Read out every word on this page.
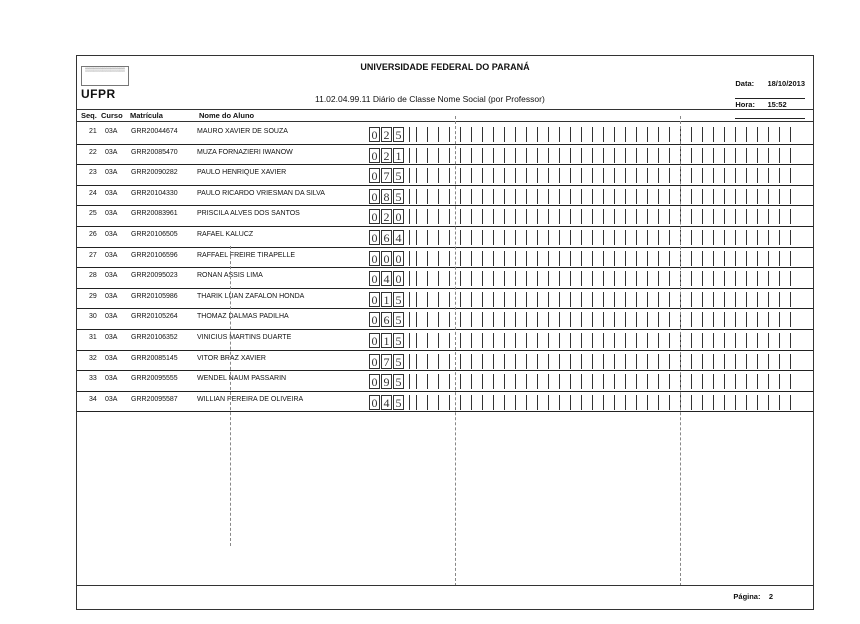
▒▒▒▒▒▒▒▒▒▒▒▒▒▒
UFPR
UNIVERSIDADE FEDERAL DO PARANÁ
11.02.04.99.11 Diário de Classe Nome Social (por Professor)
Data: 18/10/2013
Hora: 15:52
Seq. Curso Matrícula	Nome do Aluno
21 03A GRR20044674	MAURO XAVIER DE SOUZA	0 2 5
22 03A GRR20085470	MUZA FORNAZIERI IWANOW	0 2 1
23 03A GRR20090282	PAULO HENRIQUE XAVIER	0 7 5
24 03A GRR20104330	PAULO RICARDO VRIESMAN DA SILVA	0 8 5
25 03A GRR20083961	PRISCILA ALVES DOS SANTOS	0 2 0
26 03A GRR20106505	RAFAEL KALUCZ	0 6 4
27 03A GRR20106596	RAFFAEL FREIRE TIRAPELLE	0 0 0
28 03A GRR20095023	RONAN ASSIS LIMA	0 4 0
29 03A GRR20105986	THARIK LUAN ZAFALON HONDA	0 1 5
30 03A GRR20105264	THOMAZ DALMAS PADILHA	0 6 5
31 03A GRR20106352	VINICIUS MARTINS DUARTE	0 1 5
32 03A GRR20085145	VITOR BRAZ XAVIER	0 7 5
33 03A GRR20095555	WENDEL NAUM PASSARIN	0 9 5
34 03A GRR20095587	WILLIAN PEREIRA DE OLIVEIRA	0 4 5
Página: 2
